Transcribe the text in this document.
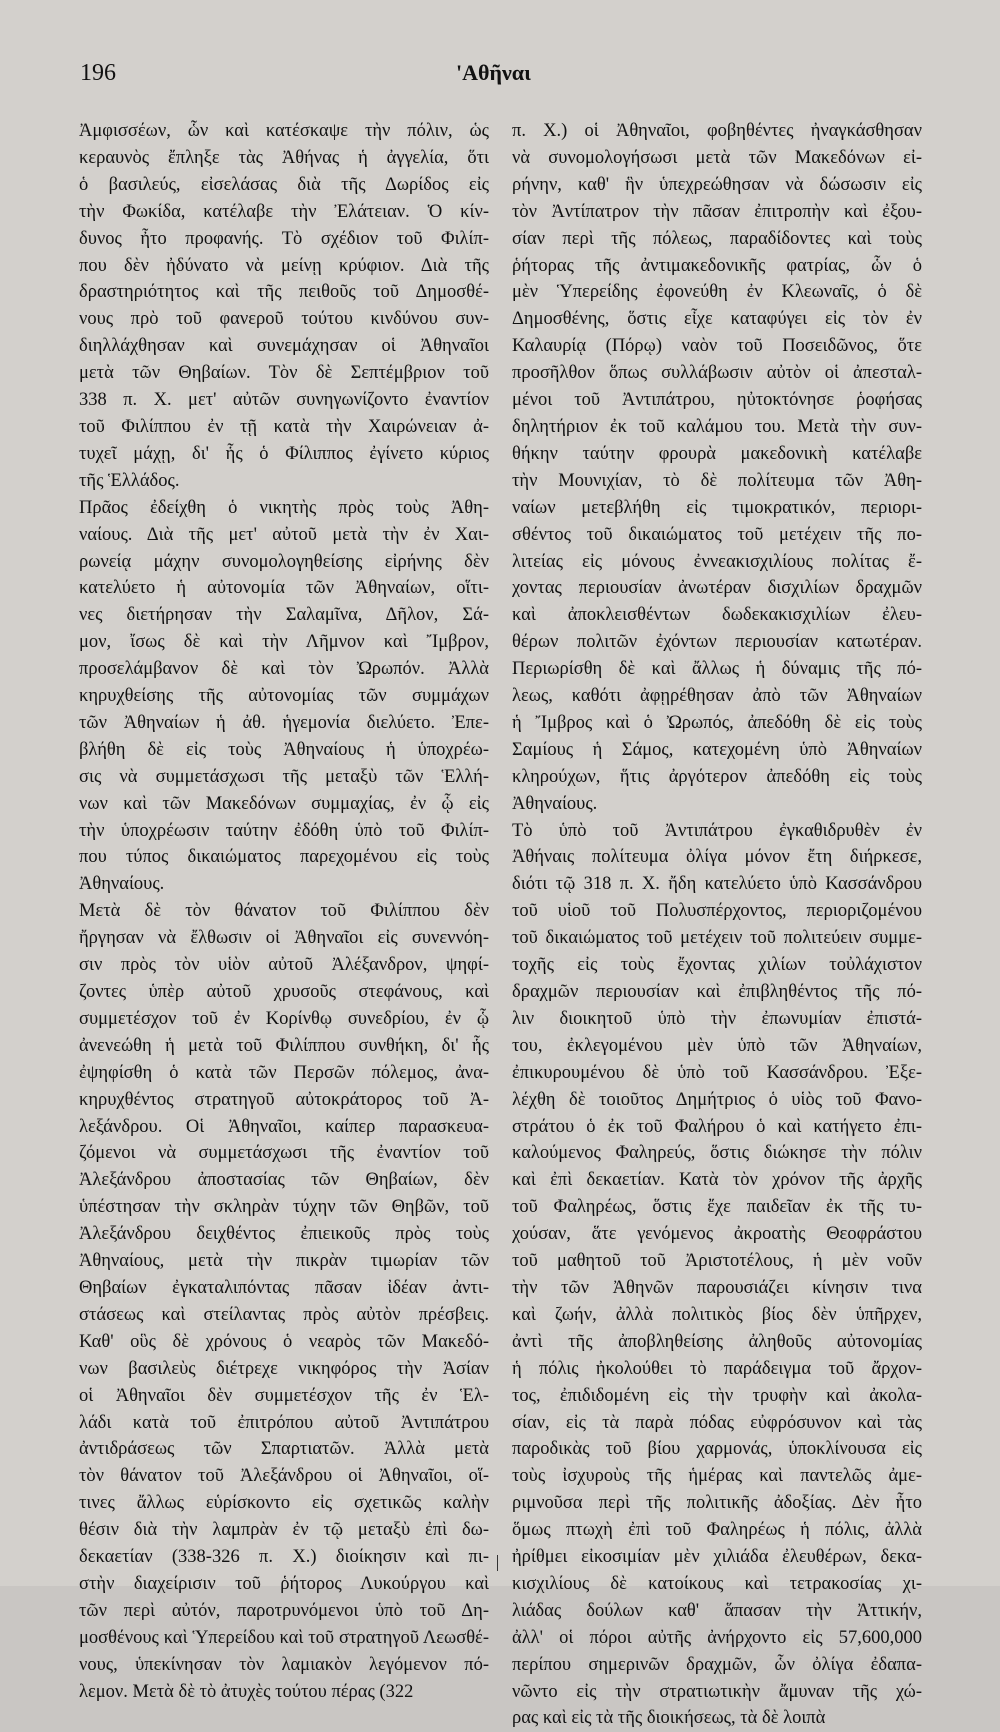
196	'Αθῆναι
Ἀμφισσέων, ὧν καὶ κατέσκαψε τὴν πόλιν, ὡς
κεραυνὸς ἔπληξε τὰς Ἀθήνας ἡ ἀγγελία, ὅτι
ὁ βασιλεύς, εἰσελάσας διὰ τῆς Δωρίδος εἰς
τὴν Φωκίδα, κατέλαβε τὴν Ἐλάτειαν. Ὁ κίν-
δυνος ἦτο προφανής. Τὸ σχέδιον τοῦ Φιλίπ-
που δὲν ἠδύνατο νὰ μείνῃ κρύφιον. Διὰ τῆς
δραστηριότητος καὶ τῆς πειθοῦς τοῦ Δημοσθέ-
νους πρὸ τοῦ φανεροῦ τούτου κινδύνου συν-
διηλλάχθησαν καὶ συνεμάχησαν οἱ Ἀθηναῖοι
μετὰ τῶν Θηβαίων. Τὸν δὲ Σεπτέμβριον τοῦ
338 π. Χ. μετ' αὐτῶν συνηγωνίζοντο ἐναντίον
τοῦ Φιλίππου ἐν τῇ κατὰ τὴν Χαιρώνειαν ἀ-
τυχεῖ μάχῃ, δι' ἧς ὁ Φίλιππος ἐγίνετο κύριος
τῆς Ἑλλάδος.
Πρᾶος ἐδείχθη ὁ νικητὴς πρὸς τοὺς Ἀθη-
ναίους. Διὰ τῆς μετ' αὐτοῦ μετὰ τὴν ἐν Χαι-
ρωνείᾳ μάχην συνομολογηθείσης εἰρήνης δὲν
κατελύετο ἡ αὐτονομία τῶν Ἀθηναίων, οἵτι-
νες διετήρησαν τὴν Σαλαμῖνα, Δῆλον, Σά-
μον, ἴσως δὲ καὶ τὴν Λῆμνον καὶ Ἴμβρον,
προσελάμβανον δὲ καὶ τὸν Ὠρωπόν. Ἀλλὰ
κηρυχθείσης τῆς αὐτονομίας τῶν συμμάχων
τῶν Ἀθηναίων ἡ ἀθ. ἡγεμονία διελύετο. Ἐπε-
βλήθη δὲ εἰς τοὺς Ἀθηναίους ἡ ὑποχρέω-
σις νὰ συμμετάσχωσι τῆς μεταξὺ τῶν Ἑλλή-
νων καὶ τῶν Μακεδόνων συμμαχίας, ἐν ᾧ εἰς
τὴν ὑποχρέωσιν ταύτην ἐδόθη ὑπὸ τοῦ Φιλίπ-
που τύπος δικαιώματος παρεχομένου εἰς τοὺς
Ἀθηναίους.
Μετὰ δὲ τὸν θάνατον τοῦ Φιλίππου δὲν
ἤργησαν νὰ ἔλθωσιν οἱ Ἀθηναῖοι εἰς συνεννόη-
σιν πρὸς τὸν υἱὸν αὐτοῦ Ἀλέξανδρον, ψηφί-
ζοντες ὑπὲρ αὐτοῦ χρυσοῦς στεφάνους, καὶ
συμμετέσχον τοῦ ἐν Κορίνθῳ συνεδρίου, ἐν ᾧ
ἀνενεώθη ἡ μετὰ τοῦ Φιλίππου συνθήκη, δι' ἧς
ἐψηφίσθη ὁ κατὰ τῶν Περσῶν πόλεμος, ἀνα-
κηρυχθέντος στρατηγοῦ αὐτοκράτορος τοῦ Ἀ-
λεξάνδρου. Οἱ Ἀθηναῖοι, καίπερ παρασκευα-
ζόμενοι νὰ συμμετάσχωσι τῆς ἐναντίον τοῦ
Ἀλεξάνδρου ἀποστασίας τῶν Θηβαίων, δὲν
ὑπέστησαν τὴν σκληρὰν τύχην τῶν Θηβῶν, τοῦ
Ἀλεξάνδρου δειχθέντος ἐπιεικοῦς πρὸς τοὺς
Ἀθηναίους, μετὰ τὴν πικρὰν τιμωρίαν τῶν
Θηβαίων ἐγκαταλιπόντας πᾶσαν ἰδέαν ἀντι-
στάσεως καὶ στείλαντας πρὸς αὐτὸν πρέσβεις.
Καθ' οὓς δὲ χρόνους ὁ νεαρὸς τῶν Μακεδό-
νων βασιλεὺς διέτρεχε νικηφόρος τὴν Ἀσίαν
οἱ Ἀθηναῖοι δὲν συμμετέσχον τῆς ἐν Ἑλ-
λάδι κατὰ τοῦ ἐπιτρόπου αὐτοῦ Ἀντιπάτρου
ἀντιδράσεως τῶν Σπαρτιατῶν. Ἀλλὰ μετὰ
τὸν θάνατον τοῦ Ἀλεξάνδρου οἱ Ἀθηναῖοι, οἵ-
τινες ἄλλως εὑρίσκοντο εἰς σχετικῶς καλὴν
θέσιν διὰ τὴν λαμπρὰν ἐν τῷ μεταξὺ ἐπὶ δω-
δεκαετίαν (338-326 π. Χ.) διοίκησιν καὶ πι-
στὴν διαχείρισιν τοῦ ῥήτορος Λυκούργου καὶ
τῶν περὶ αὐτόν, παροτρυνόμενοι ὑπὸ τοῦ Δη-
μοσθένους καὶ Ὑπερείδου καὶ τοῦ στρατηγοῦ Λεωσθέ-
νους, ὑπεκίνησαν τὸν λαμιακὸν λεγόμενον πό-
λεμον. Μετὰ δὲ τὸ ἀτυχὲς τούτου πέρας (322
π. Χ.) οἱ Ἀθηναῖοι, φοβηθέντες ἠναγκάσθησαν
νὰ συνομολογήσωσι μετὰ τῶν Μακεδόνων εἰ-
ρήνην, καθ' ἣν ὑπεχρεώθησαν νὰ δώσωσιν εἰς
τὸν Ἀντίπατρον τὴν πᾶσαν ἐπιτροπὴν καὶ ἐξου-
σίαν περὶ τῆς πόλεως, παραδίδοντες καὶ τοὺς
ῥήτορας τῆς ἀντιμακεδονικῆς φατρίας, ὧν ὁ
μὲν Ὑπερείδης ἐφονεύθη ἐν Κλεωναῖς, ὁ δὲ
Δημοσθένης, ὅστις εἶχε καταφύγει εἰς τὸν ἐν
Καλαυρίᾳ (Πόρῳ) ναὸν τοῦ Ποσειδῶνος, ὅτε
προσῆλθον ὅπως συλλάβωσιν αὐτὸν οἱ ἀπεσταλ-
μένοι τοῦ Ἀντιπάτρου, ηὐτοκτόνησε ῥοφήσας
δηλητήριον ἐκ τοῦ καλάμου του. Μετὰ τὴν συν-
θήκην ταύτην φρουρὰ μακεδονικὴ κατέλαβε
τὴν Μουνιχίαν, τὸ δὲ πολίτευμα τῶν Ἀθη-
ναίων μετεβλήθη εἰς τιμοκρατικόν, περιορι-
σθέντος τοῦ δικαιώματος τοῦ μετέχειν τῆς πο-
λιτείας εἰς μόνους ἐννεακισχιλίους πολίτας ἔ-
χοντας περιουσίαν ἀνωτέραν δισχιλίων δραχμῶν
καὶ ἀποκλεισθέντων δωδεκακισχιλίων ἐλευ-
θέρων πολιτῶν ἐχόντων περιουσίαν κατωτέραν.
Περιωρίσθη δὲ καὶ ἄλλως ἡ δύναμις τῆς πό-
λεως, καθότι ἀφῃρέθησαν ἀπὸ τῶν Ἀθηναίων
ἡ Ἴμβρος καὶ ὁ Ὠρωπός, ἀπεδόθη δὲ εἰς τοὺς
Σαμίους ἡ Σάμος, κατεχομένη ὑπὸ Ἀθηναίων
κληρούχων, ἥτις ἀργότερον ἀπεδόθη εἰς τοὺς
Ἀθηναίους.
Τὸ ὑπὸ τοῦ Ἀντιπάτρου ἐγκαθιδρυθὲν ἐν
Ἀθήναις πολίτευμα ὀλίγα μόνον ἔτη διήρκεσε,
διότι τῷ 318 π. Χ. ἤδη κατελύετο ὑπὸ Κασσάνδρου
τοῦ υἱοῦ τοῦ Πολυσπέρχοντος, περιοριζομένου
τοῦ δικαιώματος τοῦ μετέχειν τοῦ πολιτεύειν συμμε-
τοχῆς εἰς τοὺς ἔχοντας χιλίων τοὐλάχιστον
δραχμῶν περιουσίαν καὶ ἐπιβληθέντος τῆς πό-
λιν διοικητοῦ ὑπὸ τὴν ἐπωνυμίαν ἐπιστά-
του, ἐκλεγομένου μὲν ὑπὸ τῶν Ἀθηναίων,
ἐπικυρουμένου δὲ ὑπὸ τοῦ Κασσάνδρου. Ἐξε-
λέχθη δὲ τοιοῦτος Δημήτριος ὁ υἱὸς τοῦ Φανο-
στράτου ὁ ἐκ τοῦ Φαλήρου ὁ καὶ κατήγετο ἐπι-
καλούμενος Φαληρεύς, ὅστις διώκησε τὴν πόλιν
καὶ ἐπὶ δεκαετίαν. Κατὰ τὸν χρόνον τῆς ἀρχῆς
τοῦ Φαληρέως, ὅστις ἔχε παιδεῖαν ἐκ τῆς τυ-
χούσαν, ἅτε γενόμενος ἀκροατὴς Θεοφράστου
τοῦ μαθητοῦ τοῦ Ἀριστοτέλους, ἡ μὲν νοῦν
τὴν τῶν Ἀθηνῶν παρουσιάζει κίνησιν τινα
καὶ ζωήν, ἀλλὰ πολιτικὸς βίος δὲν ὑπῆρχεν,
ἀντὶ τῆς ἀποβληθείσης ἀληθοῦς αὐτονομίας
ἡ πόλις ἠκολούθει τὸ παράδειγμα τοῦ ἄρχον-
τος, ἐπιδιδομένη εἰς τὴν τρυφὴν καὶ ἀκολα-
σίαν, εἰς τὰ παρὰ πόδας εὐφρόσυνον καὶ τὰς
παροδικὰς τοῦ βίου χαρμονάς, ὑποκλίνουσα εἰς
τοὺς ἰσχυροὺς τῆς ἡμέρας καὶ παντελῶς ἀμε-
ριμνοῦσα περὶ τῆς πολιτικῆς ἀδοξίας. Δὲν ἦτο
ὅμως πτωχὴ ἐπὶ τοῦ Φαληρέως ἡ πόλις, ἀλλὰ
ἠρίθμει εἰκοσιμίαν μὲν χιλιάδα ἐλευθέρων, δεκα-
κισχιλίους δὲ κατοίκους καὶ τετρακοσίας χι-
λιάδας δούλων καθ' ἅπασαν τὴν Ἀττικήν,
ἀλλ' οἱ πόροι αὐτῆς ἀνήρχοντο εἰς 57,600,000
περίπου σημερινῶν δραχμῶν, ὧν ὀλίγα ἐδαπα-
νῶντο εἰς τὴν στρατιωτικὴν ἄμυναν τῆς χώ-
ρας καὶ εἰς τὰ τῆς διοικήσεως, τὰ δὲ λοιπὰ
